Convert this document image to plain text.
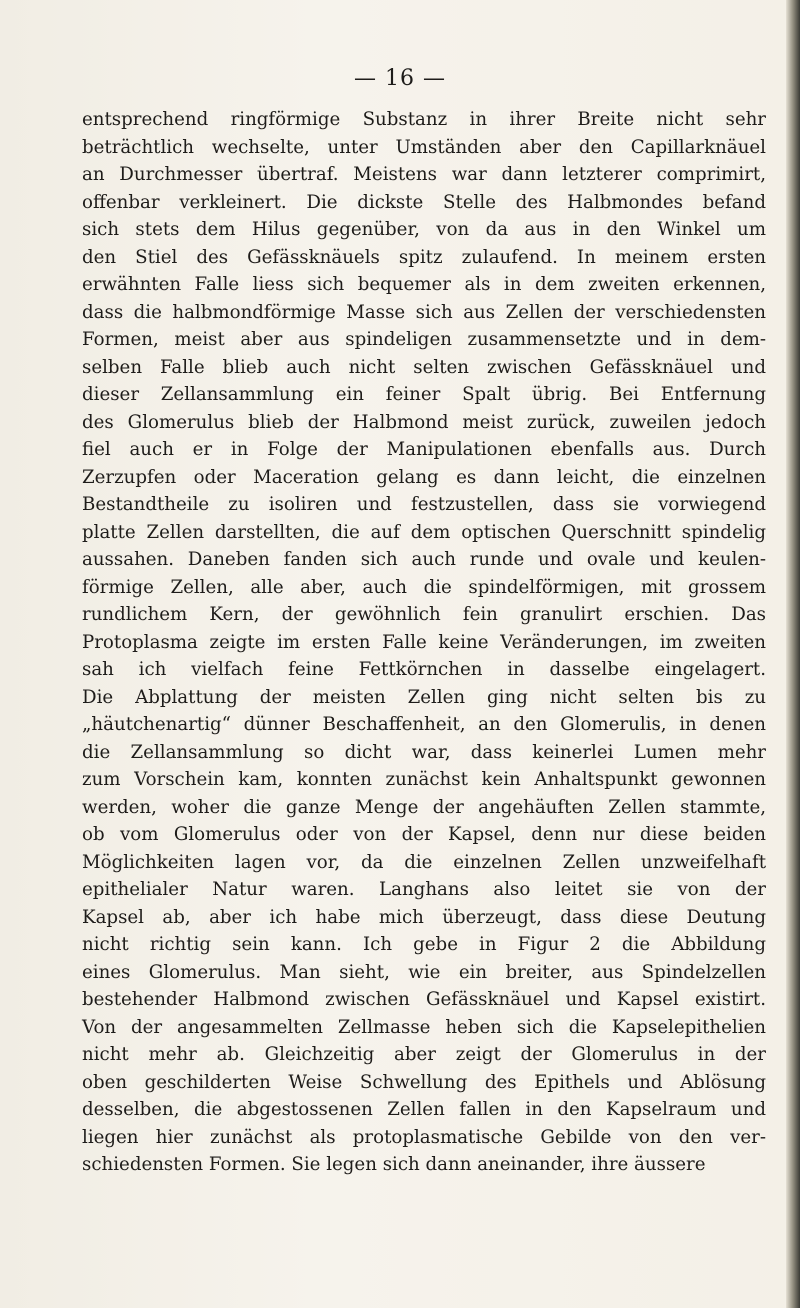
— 16 —
entsprechend ringförmige Substanz in ihrer Breite nicht sehr
beträchtlich wechselte, unter Umständen aber den Capillarknäuel
an Durchmesser übertraf. Meistens war dann letzterer comprimirt,
offenbar verkleinert. Die dickste Stelle des Halbmondes befand
sich stets dem Hilus gegenüber, von da aus in den Winkel um
den Stiel des Gefässknäuels spitz zulaufend. In meinem ersten
erwähnten Falle liess sich bequemer als in dem zweiten erkennen,
dass die halbmondförmige Masse sich aus Zellen der verschiedensten
Formen, meist aber aus spindeligen zusammensetzte und in dem-
selben Falle blieb auch nicht selten zwischen Gefässknäuel und
dieser Zellansammlung ein feiner Spalt übrig. Bei Entfernung
des Glomerulus blieb der Halbmond meist zurück, zuweilen jedoch
fiel auch er in Folge der Manipulationen ebenfalls aus. Durch
Zerzupfen oder Maceration gelang es dann leicht, die einzelnen
Bestandtheile zu isoliren und festzustellen, dass sie vorwiegend
platte Zellen darstellten, die auf dem optischen Querschnitt spindelig
aussahen. Daneben fanden sich auch runde und ovale und keulen-
förmige Zellen, alle aber, auch die spindelförmigen, mit grossem
rundlichem Kern, der gewöhnlich fein granulirt erschien. Das
Protoplasma zeigte im ersten Falle keine Veränderungen, im zweiten
sah ich vielfach feine Fettkörnchen in dasselbe eingelagert.
Die Abplattung der meisten Zellen ging nicht selten bis zu
„häutchenartig“ dünner Beschaffenheit, an den Glomerulis, in denen
die Zellansammlung so dicht war, dass keinerlei Lumen mehr
zum Vorschein kam, konnten zunächst kein Anhaltspunkt gewonnen
werden, woher die ganze Menge der angehäuften Zellen stammte,
ob vom Glomerulus oder von der Kapsel, denn nur diese beiden
Möglichkeiten lagen vor, da die einzelnen Zellen unzweifelhaft
epithelialer Natur waren. Langhans also leitet sie von der
Kapsel ab, aber ich habe mich überzeugt, dass diese Deutung
nicht richtig sein kann. Ich gebe in Figur 2 die Abbildung
eines Glomerulus. Man sieht, wie ein breiter, aus Spindelzellen
bestehender Halbmond zwischen Gefässknäuel und Kapsel existirt.
Von der angesammelten Zellmasse heben sich die Kapselepithelien
nicht mehr ab. Gleichzeitig aber zeigt der Glomerulus in der
oben geschilderten Weise Schwellung des Epithels und Ablösung
desselben, die abgestossenen Zellen fallen in den Kapselraum und
liegen hier zunächst als protoplasmatische Gebilde von den ver-
schiedensten Formen. Sie legen sich dann aneinander, ihre äussere
